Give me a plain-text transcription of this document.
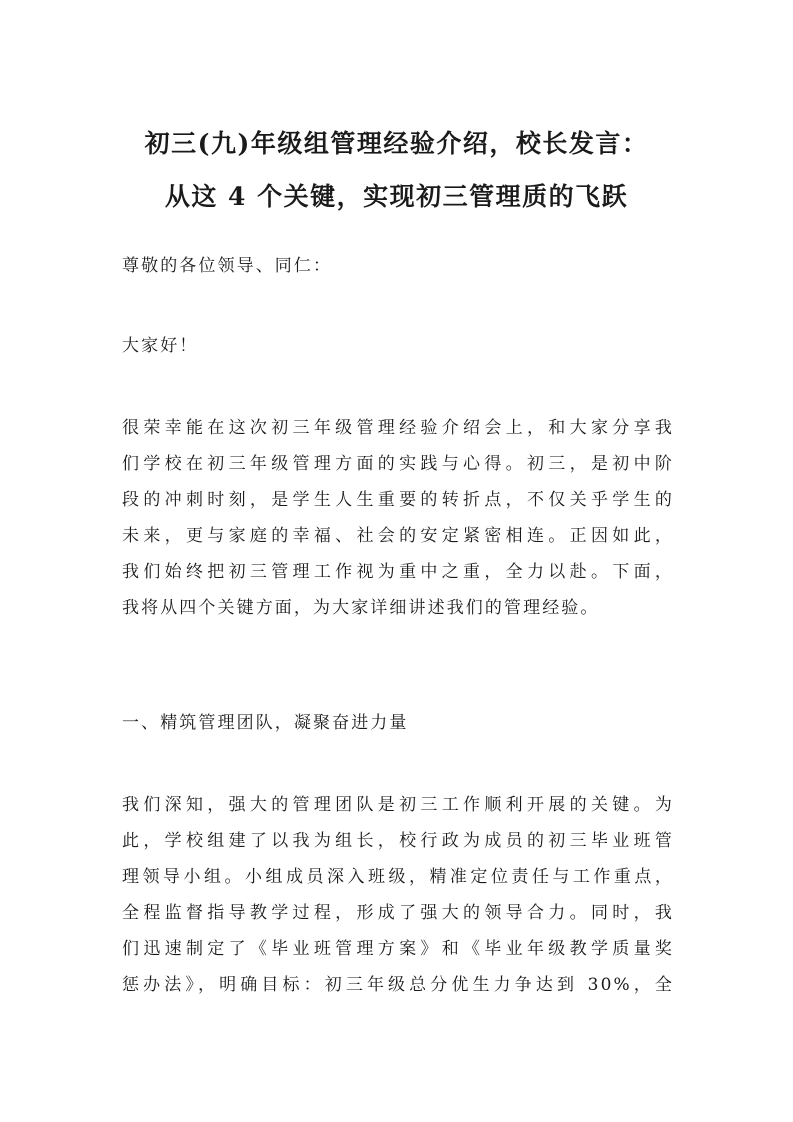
初三(九)年级组管理经验介绍，校长发言：
从这 4 个关键，实现初三管理质的飞跃

尊敬的各位领导、同仁：

大家好！

很荣幸能在这次初三年级管理经验介绍会上，和大家分享我
们学校在初三年级管理方面的实践与心得。初三，是初中阶
段的冲刺时刻，是学生人生重要的转折点，不仅关乎学生的
未来，更与家庭的幸福、社会的安定紧密相连。正因如此，
我们始终把初三管理工作视为重中之重，全力以赴。下面，
我将从四个关键方面，为大家详细讲述我们的管理经验。

一、精筑管理团队，凝聚奋进力量

我们深知，强大的管理团队是初三工作顺利开展的关键。为
此，学校组建了以我为组长，校行政为成员的初三毕业班管
理领导小组。小组成员深入班级，精准定位责任与工作重点，
全程监督指导教学过程，形成了强大的领导合力。同时，我
们迅速制定了《毕业班管理方案》和《毕业年级教学质量奖
惩办法》，明确目标：初三年级总分优生力争达到 30%，全
